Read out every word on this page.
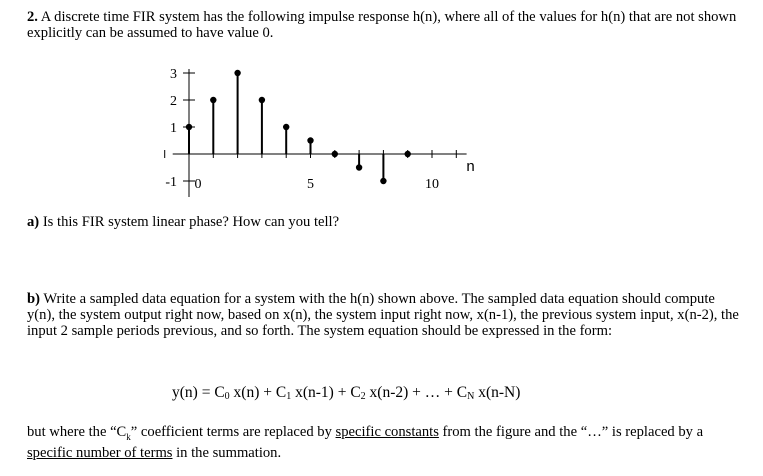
2. A discrete time FIR system has the following impulse response h(n), where all of the values for h(n) that are not shown explicitly can be assumed to have value 0.

3
2
1
-1 0	5	10
n

a) Is this FIR system linear phase? How can you tell?

b) Write a sampled data equation for a system with the h(n) shown above. The sampled data equation should compute y(n), the system output right now, based on x(n), the system input right now, x(n-1), the previous system input, x(n-2), the input 2 sample periods previous, and so forth. The system equation should be expressed in the form:

$y(n) = C_0$ $x(n) + C_1$ $x(n-1) + C_2$ x(n-2) + … + $C_N$ x(n-N)

but where the “$C_k$” coefficient terms are replaced by specific constants from the figure and the “…” is replaced by a specific number of terms in the summation.
